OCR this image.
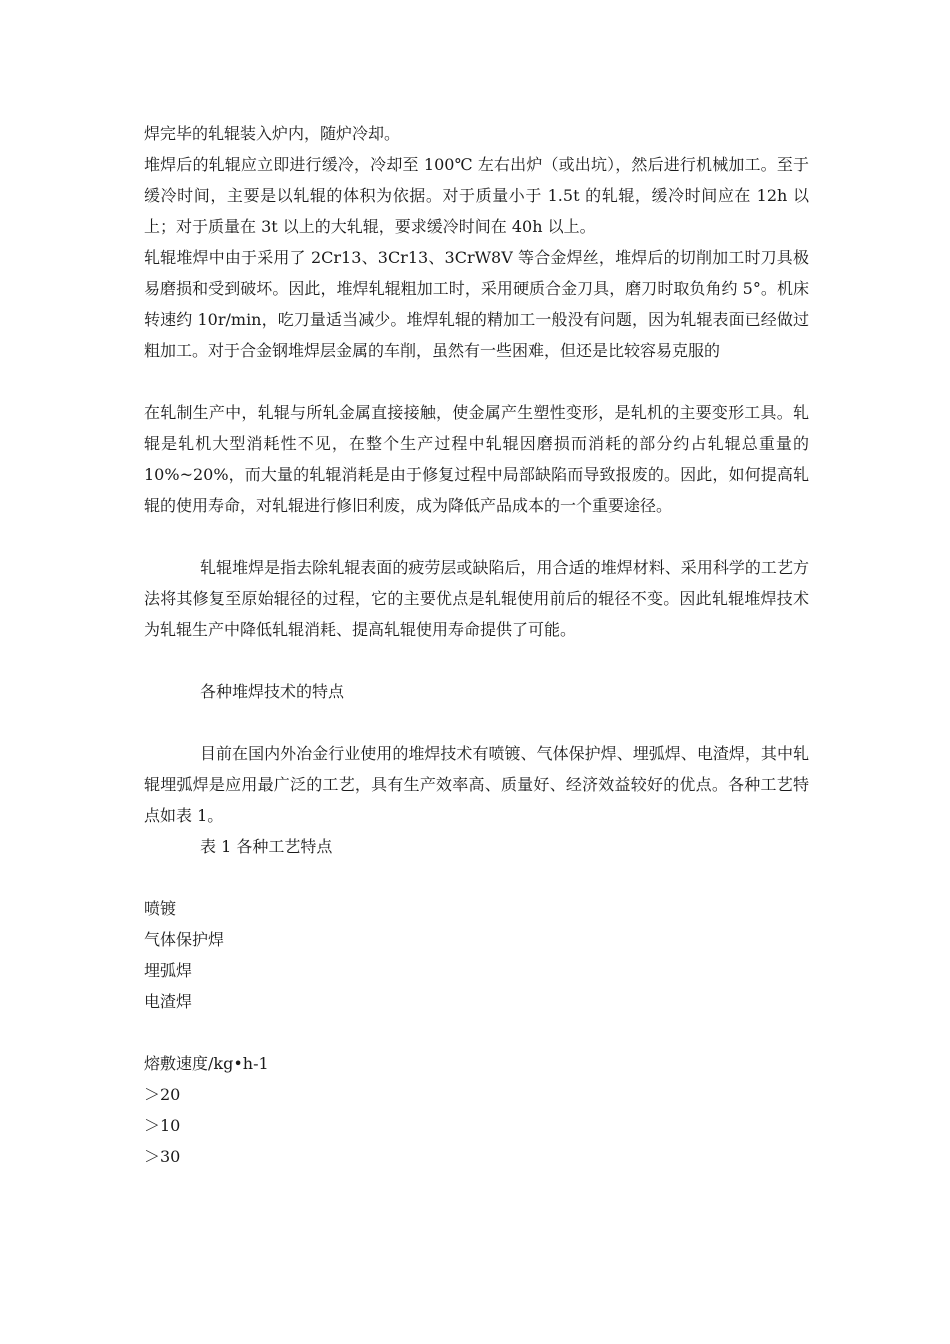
焊完毕的轧辊装入炉内，随炉冷却。

堆焊后的轧辊应立即进行缓冷，冷却至 100℃ 左右出炉（或出坑），然后进行机械加工。至于缓冷时间，主要是以轧辊的体积为依据。对于质量小于 1.5t 的轧辊，缓冷时间应在 12h 以上；对于质量在 3t 以上的大轧辊，要求缓冷时间在 40h 以上。

轧辊堆焊中由于采用了 2Cr13、3Cr13、3CrW8V 等合金焊丝，堆焊后的切削加工时刀具极易磨损和受到破坏。因此，堆焊轧辊粗加工时，采用硬质合金刀具，磨刀时取负角约 5°。机床转速约 10r/min，吃刀量适当减少。堆焊轧辊的精加工一般没有问题，因为轧辊表面已经做过粗加工。对于合金钢堆焊层金属的车削，虽然有一些困难，但还是比较容易克服的

在轧制生产中，轧辊与所轧金属直接接触，使金属产生塑性变形，是轧机的主要变形工具。轧辊是轧机大型消耗性不见，在整个生产过程中轧辊因磨损而消耗的部分约占轧辊总重量的 10%~20%，而大量的轧辊消耗是由于修复过程中局部缺陷而导致报废的。因此，如何提高轧辊的使用寿命，对轧辊进行修旧利废，成为降低产品成本的一个重要途径。

轧辊堆焊是指去除轧辊表面的疲劳层或缺陷后，用合适的堆焊材料、采用科学的工艺方法将其修复至原始辊径的过程，它的主要优点是轧辊使用前后的辊径不变。因此轧辊堆焊技术为轧辊生产中降低轧辊消耗、提高轧辊使用寿命提供了可能。

各种堆焊技术的特点

目前在国内外冶金行业使用的堆焊技术有喷镀、气体保护焊、埋弧焊、电渣焊，其中轧辊埋弧焊是应用最广泛的工艺，具有生产效率高、质量好、经济效益较好的优点。各种工艺特点如表 1。

表 1 各种工艺特点

喷镀

气体保护焊

埋弧焊

电渣焊

熔敷速度/kg•h-1

＞20

＞10

＞30
